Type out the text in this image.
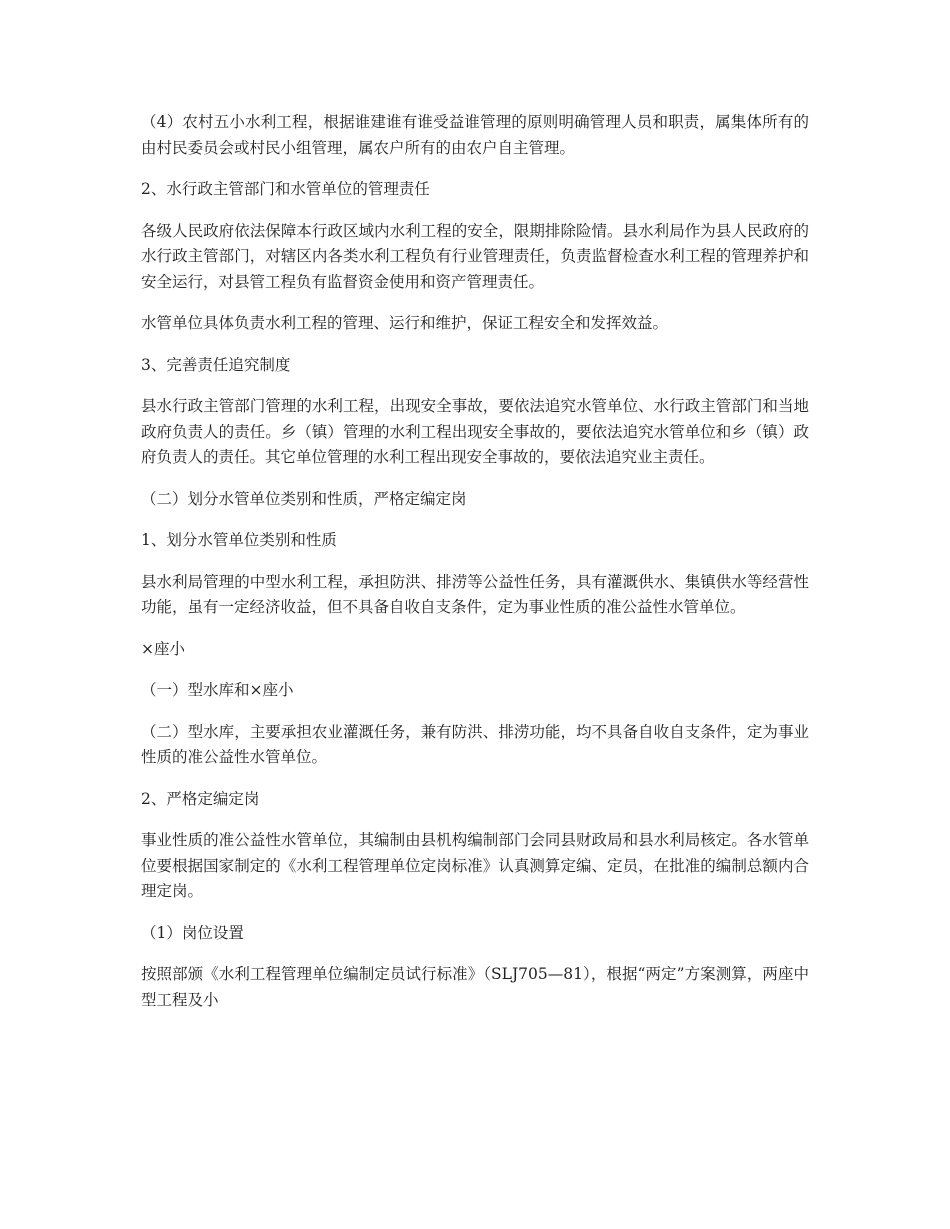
（4）农村五小水利工程，根据谁建谁有谁受益谁管理的原则明确管理人员和职责，属集体所有的由村民委员会或村民小组管理，属农户所有的由农户自主管理。

2、水行政主管部门和水管单位的管理责任

各级人民政府依法保障本行政区域内水利工程的安全，限期排除险情。县水利局作为县人民政府的水行政主管部门，对辖区内各类水利工程负有行业管理责任，负责监督检查水利工程的管理养护和安全运行，对县管工程负有监督资金使用和资产管理责任。

水管单位具体负责水利工程的管理、运行和维护，保证工程安全和发挥效益。

3、完善责任追究制度

县水行政主管部门管理的水利工程，出现安全事故，要依法追究水管单位、水行政主管部门和当地政府负责人的责任。乡（镇）管理的水利工程出现安全事故的，要依法追究水管单位和乡（镇）政府负责人的责任。其它单位管理的水利工程出现安全事故的，要依法追究业主责任。

（二）划分水管单位类别和性质，严格定编定岗

1、划分水管单位类别和性质

县水利局管理的中型水利工程，承担防洪、排涝等公益性任务，具有灌溉供水、集镇供水等经营性功能，虽有一定经济收益，但不具备自收自支条件，定为事业性质的准公益性水管单位。

×座小

（一）型水库和×座小

（二）型水库，主要承担农业灌溉任务，兼有防洪、排涝功能，均不具备自收自支条件，定为事业性质的准公益性水管单位。

2、严格定编定岗

事业性质的准公益性水管单位，其编制由县机构编制部门会同县财政局和县水利局核定。各水管单位要根据国家制定的《水利工程管理单位定岗标准》认真测算定编、定员，在批准的编制总额内合理定岗。

（1）岗位设置

按照部颁《水利工程管理单位编制定员试行标准》（SLJ705—81），根据“两定”方案测算，两座中型工程及小
